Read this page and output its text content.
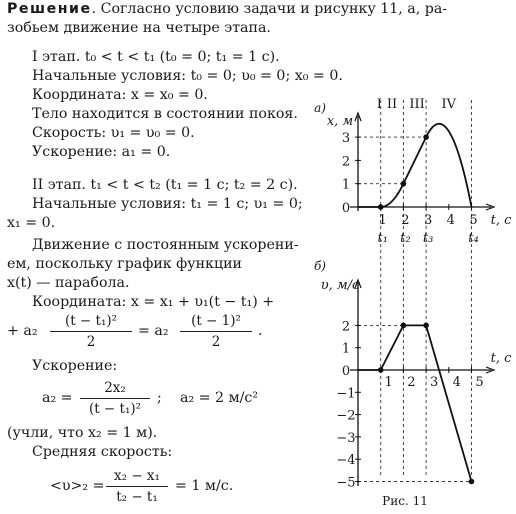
Решение. Согласно условию задачи и рисунку 11, а, ра-
зобьем движение на четыре этапа.
I этап. t₀ < t < t₁ (t₀ = 0; t₁ = 1 с).
Начальные условия: t₀ = 0; υ₀ = 0; x₀ = 0.
Координата: x = x₀ = 0.
Тело находится в состоянии покоя.
Скорость: υ₁ = υ₀ = 0.
Ускорение: a₁ = 0.
II этап. t₁ < t < t₂ (t₁ = 1 с; t₂ = 2 с).
Начальные условия: t₁ = 1 с; υ₁ = 0;
x₁ = 0.
Движение с постоянным ускорени-
ем, поскольку график функции
x(t) — парабола.
Координата: x = x₁ + υ₁(t − t₁) +
+ a₂
(t − t₁)²
2
= a₂
(t − 1)²
2
.
Ускорение:
a₂ =
2x₂
(t − t₁)²
; a₂ = 2 м/с²
(учли, что x₂ = 1 м).
Средняя скорость:
<υ>₂ =
x₂ − x₁
t₂ − t₁
= 1 м/с.
а)
б)
x, м
υ, м/с
t, с
t, с
I II III IV
0
1
2
3
1 2 3 4 5
t₁ t₂ t₃	t₄
2
1
0
−1
−2
−3
−4
−5
1 2 3 4 5
Рис. 11
